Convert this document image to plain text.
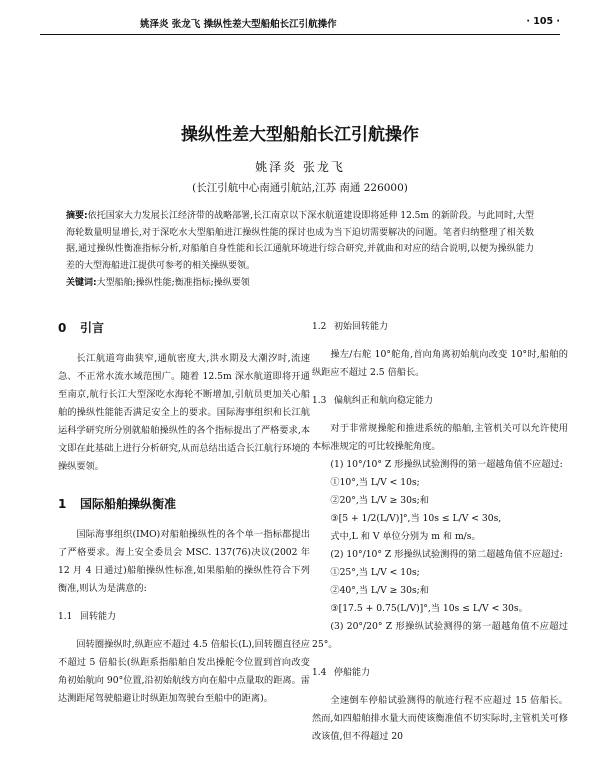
姚泽炎 张龙飞 操纵性差大型船舶长江引航操作	· 105 ·
操纵性差大型船舶长江引航操作
姚泽炎 张龙飞
(长江引航中心南通引航站,江苏 南通 226000)
摘要:依托国家大力发展长江经济带的战略部署,长江南京以下深水航道建设即将延伸 12.5m 的新阶段。与此同时,大型海轮数量明显增长,对于深吃水大型船舶进江操纵性能的探讨也成为当下迫切需要解决的问题。笔者归纳整理了相关数据,通过操纵性衡准指标分析,对船舶自身性能和长江通航环境进行综合研究,并就曲和对应的结合说明,以便为操纵能力差的大型海船进江提供可参考的相关操纵要领。
关键词:大型船舶;操纵性能;衡准指标;操纵要领
0 引言

长江航道弯曲狭窄,通航密度大,洪水期及大潮汐时,流速急、不正常水流水域范围广。随着 12.5m 深水航道即将开通至南京,航行长江大型深吃水海轮不断增加,引航员更加关心船舶的操纵性能能否满足安全上的要求。国际海事组织和长江航运科学研究所分别就船舶操纵性的各个指标提出了严格要求,本文即在此基础上进行分析研究,从而总结出适合长江航行环境的操纵要领。

1 国际船舶操纵衡准

国际海事组织(IMO)对船舶操纵性的各个单一指标都提出了严格要求。海上安全委员会 MSC. 137(76)决议(2002 年 12 月 4 日通过)船舶操纵性标准,如果船舶的操纵性符合下列衡准,则认为是满意的:

1.1 回转能力

回转圈操纵时,纵距应不超过 4.5 倍船长(L),回转圈直径应不超过 5 倍船长(纵距系指船舶自发出操舵令位置到首向改变角初始航向 90°位置,沿初始航线方向在船中点量取的距离。雷达测距尾驾驶船避让时纵距加驾驶台至船中的距离)。

1.2 初始回转能力

操左/右舵 10°舵角,首向角离初始航向改变 10°时,船舶的纵距应不超过 2.5 倍船长。

1.3 偏航纠正和航向稳定能力

对于非常规操舵和推进系统的船舶,主管机关可以允许使用本标准规定的可比较操舵角度。

(1) 10°/10° Z 形操纵试验测得的第一超越角值不应超过:

①10°,当 L/V < 10s;

②20°,当 L/V ≥ 30s;和

③[5 + 1/2(L/V)]°,当 10s ≤ L/V < 30s,

式中,L 和 V 单位分别为 m 和 m/s。

(2) 10°/10° Z 形操纵试验测得的第二超越角值不应超过:

①25°,当 L/V < 10s;

②40°,当 L/V ≥ 30s;和

③[17.5 + 0.75(L/V)]°,当 10s ≤ L/V < 30s。

(3) 20°/20° Z 形操纵试验测得的第一超越角值不应超过 25°。

1.4 停船能力

全速倒车停船试验测得的航迹行程不应超过 15 倍船长。然而,如四船舶排水量大而使该衡准值不切实际时,主管机关可修改该值,但不得超过 20
